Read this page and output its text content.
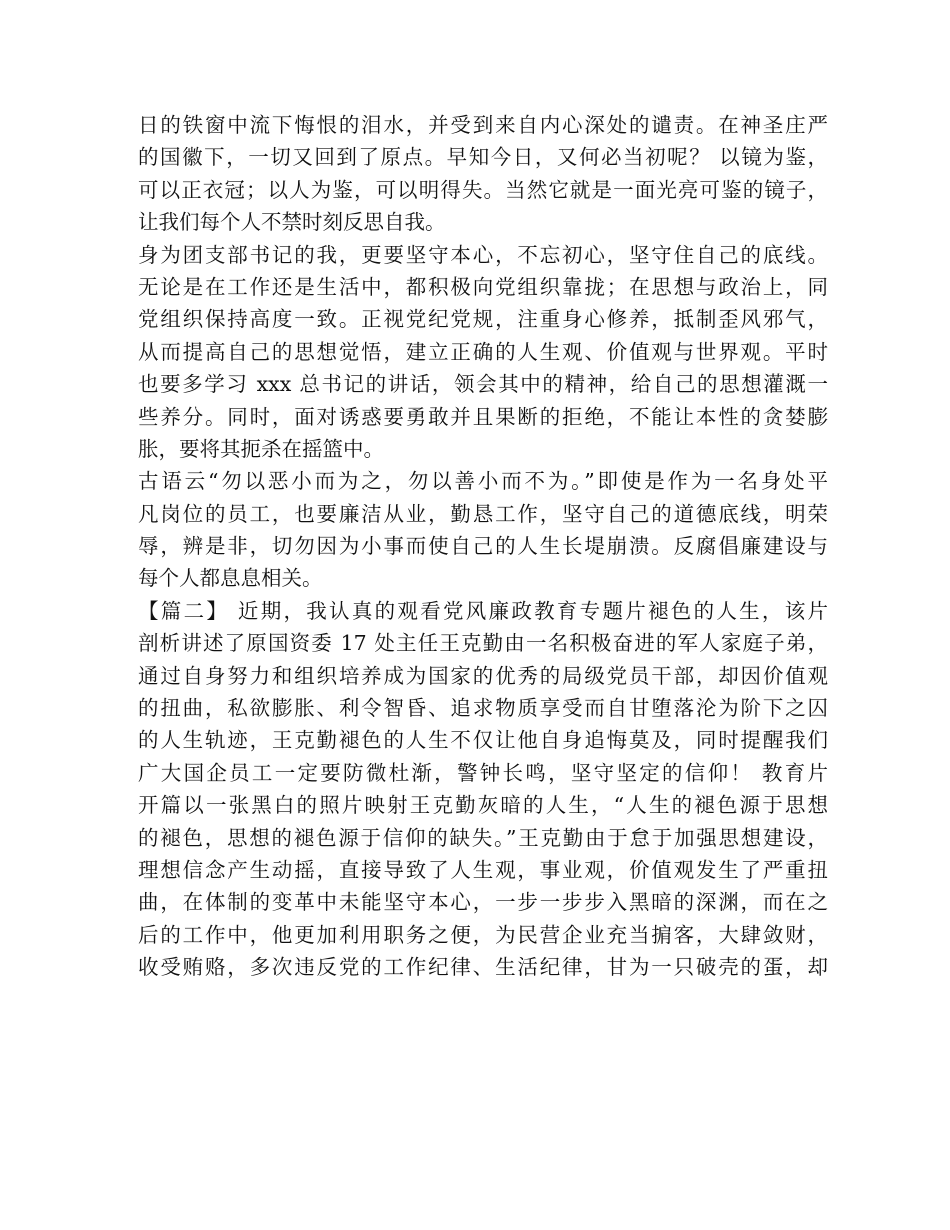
日的铁窗中流下悔恨的泪水，并受到来自内心深处的谴责。在神圣庄严
的国徽下，一切又回到了原点。早知今日，又何必当初呢？ 以镜为鉴，
可以正衣冠；以人为鉴，可以明得失。当然它就是一面光亮可鉴的镜子，
让我们每个人不禁时刻反思自我。
身为团支部书记的我，更要坚守本心，不忘初心，坚守住自己的底线。
无论是在工作还是生活中，都积极向党组织靠拢；在思想与政治上，同
党组织保持高度一致。正视党纪党规，注重身心修养，抵制歪风邪气，
从而提高自己的思想觉悟，建立正确的人生观、价值观与世界观。平时
也要多学习 xxx 总书记的讲话，领会其中的精神，给自己的思想灌溉一
些养分。同时，面对诱惑要勇敢并且果断的拒绝，不能让本性的贪婪膨
胀，要将其扼杀在摇篮中。
古语云“勿以恶小而为之，勿以善小而不为。”即使是作为一名身处平
凡岗位的员工，也要廉洁从业，勤恳工作，坚守自己的道德底线，明荣
辱，辨是非，切勿因为小事而使自己的人生长堤崩溃。反腐倡廉建设与
每个人都息息相关。
【篇二】 近期，我认真的观看党风廉政教育专题片褪色的人生，该片
剖析讲述了原国资委 17 处主任王克勤由一名积极奋进的军人家庭子弟，
通过自身努力和组织培养成为国家的优秀的局级党员干部，却因价值观
的扭曲，私欲膨胀、利令智昏、追求物质享受而自甘堕落沦为阶下之囚
的人生轨迹，王克勤褪色的人生不仅让他自身追悔莫及，同时提醒我们
广大国企员工一定要防微杜渐，警钟长鸣，坚守坚定的信仰！ 教育片
开篇以一张黑白的照片映射王克勤灰暗的人生，“人生的褪色源于思想
的褪色，思想的褪色源于信仰的缺失。”王克勤由于怠于加强思想建设，
理想信念产生动摇，直接导致了人生观，事业观，价值观发生了严重扭
曲，在体制的变革中未能坚守本心，一步一步步入黑暗的深渊，而在之
后的工作中，他更加利用职务之便，为民营企业充当掮客，大肆敛财，
收受贿赂，多次违反党的工作纪律、生活纪律，甘为一只破壳的蛋，却
